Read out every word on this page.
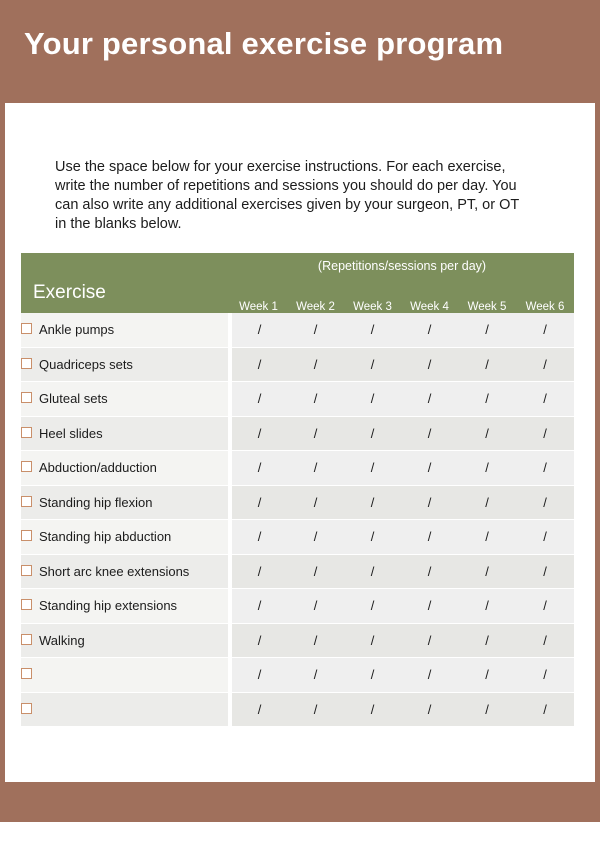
Your personal exercise program
Use the space below for your exercise instructions. For each exercise, write the number of repetitions and sessions you should do per day. You can also write any additional exercises given by your surgeon, PT, or OT in the blanks below.
Exercise	(Repetitions/sessions per day)					

	Week 1	Week 2	Week 3	Week 4	Week 5	Week 6
Ankle pumps	/	/	/	/	/	/
Quadriceps sets	/	/	/	/	/	/
Gluteal sets	/	/	/	/	/	/
Heel slides	/	/	/	/	/	/
Abduction/adduction	/	/	/	/	/	/
Standing hip flexion	/	/	/	/	/	/
Standing hip abduction	/	/	/	/	/	/
Short arc knee extensions	/	/	/	/	/	/
Standing hip extensions	/	/	/	/	/	/
Walking	/	/	/	/	/	/
	/	/	/	/	/	/
	/	/	/	/	/	/
